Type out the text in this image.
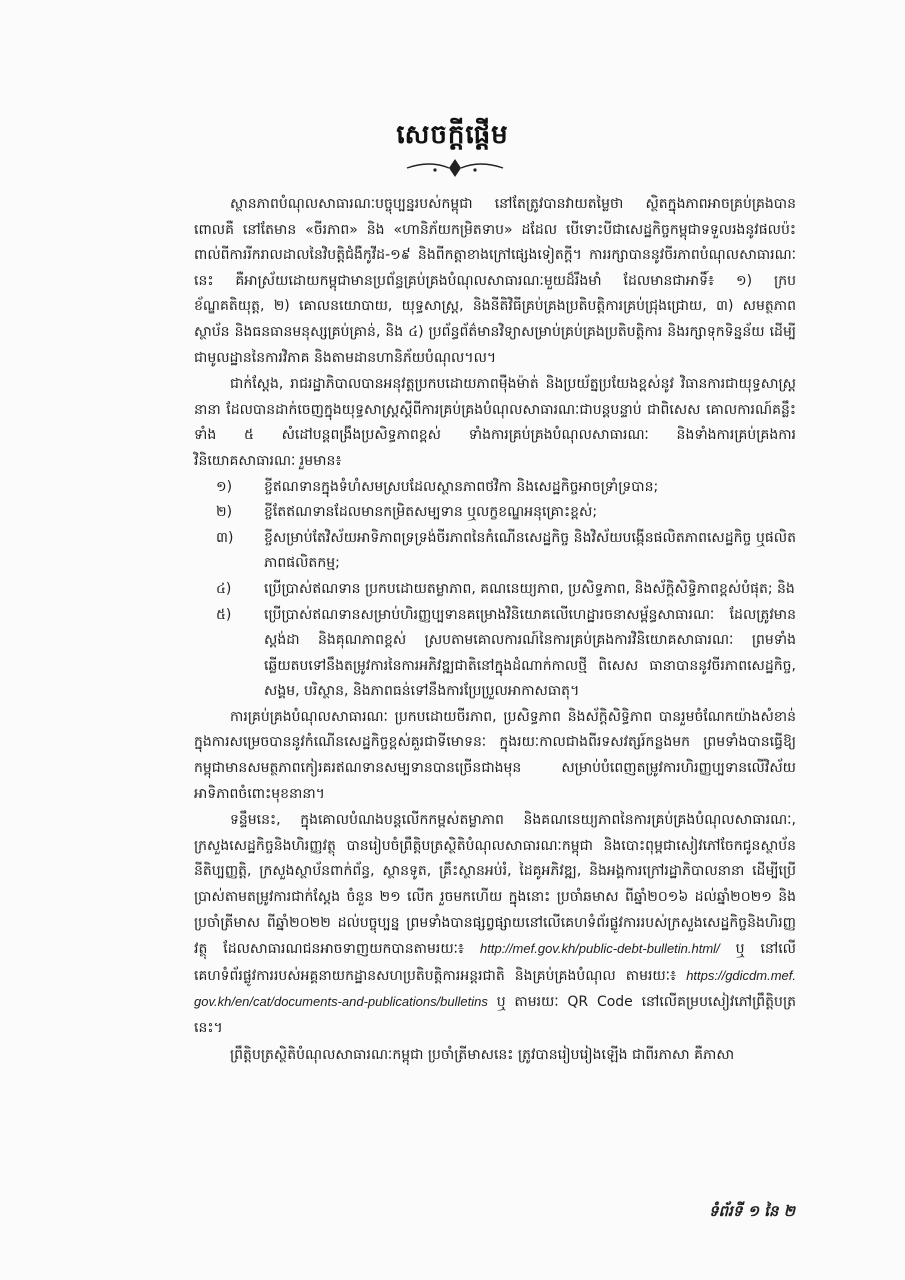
សេចក្ដីផ្ដើម

ស្ថានភាពបំណុលសាធារណៈបច្ចុប្បន្នរបស់កម្ពុជា នៅតែត្រូវបានវាយតម្លៃថា ស្ថិតក្នុងភាពអាចគ្រប់គ្រងបាន ពោលគឺ នៅតែមាន «ចីរភាព» និង «ហានិភ័យកម្រិតទាប» ដដែល បើទោះបីជាសេដ្ឋកិច្ចកម្ពុជាទទួលរងនូវផលប៉ះពាល់ពីការរីករាលដាលនៃវិបត្តិជំងឺកូវីដ-១៩ និងពីកត្តាខាងក្រៅផ្សេងទៀតក្តី។ ការរក្សាបាននូវចីរភាពបំណុលសាធារណៈនេះ គឺអាស្រ័យដោយកម្ពុជាមានប្រព័ន្ធគ្រប់គ្រងបំណុលសាធារណៈមួយដ៏រឹងមាំ ដែលមានជាអាទិ៍៖ ១) ក្របខ័ណ្ឌគតិយុត្ត, ២) គោលនយោបាយ, យុទ្ធសាស្ត្រ, និងនីតិវិធីគ្រប់គ្រងប្រតិបត្តិការគ្រប់ជ្រុងជ្រោយ, ៣) សមត្ថភាពស្ថាប័ន និងធនធានមនុស្សគ្រប់គ្រាន់, និង ៤) ប្រព័ន្ធព័ត៌មានវិទ្យាសម្រាប់គ្រប់គ្រងប្រតិបត្តិការ និងរក្សាទុកទិន្នន័យ ដើម្បីជាមូលដ្ឋាននៃការវិភាគ និងតាមដានហានិភ័យបំណុល។ល។

ជាក់ស្តែង, រាជរដ្ឋាភិបាលបានអនុវត្តប្រកបដោយភាពម៉ឺងម៉ាត់ និងប្រយ័ត្នប្រយែងខ្ពស់នូវ វិធានការជាយុទ្ធសាស្ត្រនានា ដែលបានដាក់ចេញក្នុងយុទ្ធសាស្ត្រស្តីពីការគ្រប់គ្រងបំណុលសាធារណៈជាបន្តបន្ទាប់ ជាពិសេស គោលការណ៍គន្លឹះទាំង ៥ សំដៅបន្តពង្រឹងប្រសិទ្ធភាពខ្ពស់ ទាំងការគ្រប់គ្រងបំណុលសាធារណៈ និងទាំងការគ្រប់គ្រងការវិនិយោគសាធារណៈ រួមមាន៖

១)	ខ្ចីឥណទានក្នុងទំហំសមស្របដែលស្ថានភាពថវិកា និងសេដ្ឋកិច្ចអាចទ្រាំទ្របាន;
២)	ខ្ចីតែឥណទានដែលមានកម្រិតសម្បទាន ឬលក្ខខណ្ឌអនុគ្រោះខ្ពស់;
៣)	ខ្ចីសម្រាប់តែវិស័យអាទិភាពទ្រទ្រង់ចីរភាពនៃកំណើនសេដ្ឋកិច្ច និងវិស័យបង្កើនផលិតភាពសេដ្ឋកិច្ច ឬផលិតភាពផលិតកម្ម;
៤)	ប្រើប្រាស់ឥណទាន ប្រកបដោយតម្លាភាព, គណនេយ្យភាព, ប្រសិទ្ធភាព, និងស័ក្តិសិទ្ធិភាពខ្ពស់បំផុត; និង
៥)	ប្រើប្រាស់ឥណទានសម្រាប់ហិរញ្ញប្បទានគម្រោងវិនិយោគលើហេដ្ឋារចនាសម្ព័ន្ធសាធារណៈ ដែលត្រូវមានស្តង់ដា និងគុណភាពខ្ពស់ ស្របតាមគោលការណ៍នៃការគ្រប់គ្រងការវិនិយោគសាធារណៈ ព្រមទាំងឆ្លើយតបទៅនឹងតម្រូវការនៃការអភិវឌ្ឍជាតិនៅក្នុងដំណាក់កាលថ្មី ពិសេស ធានាបាននូវចីរភាពសេដ្ឋកិច្ច, សង្គម, បរិស្ថាន, និងភាពធន់ទៅនឹងការប្រែប្រួលអាកាសធាតុ។

ការគ្រប់គ្រងបំណុលសាធារណៈ ប្រកបដោយចីរភាព, ប្រសិទ្ធភាព និងស័ក្តិសិទ្ធិភាព បានរួមចំណែកយ៉ាងសំខាន់ក្នុងការសម្រេចបាននូវកំណើនសេដ្ឋកិច្ចខ្ពស់គួរជាទីមោទនៈ ក្នុងរយៈកាលជាងពីរទសវត្សរ៍កន្លងមក ព្រមទាំងបានធ្វើឱ្យកម្ពុជាមានសមត្ថភាពកៀរគរឥណទានសម្បទានបានច្រើនជាងមុន សម្រាប់បំពេញតម្រូវការហិរញ្ញប្បទានលើវិស័យអាទិភាពចំពោះមុខនានា។

ទន្ទឹមនេះ, ក្នុងគោលបំណងបន្តលើកកម្ពស់តម្លាភាព និងគណនេយ្យភាពនៃការគ្រប់គ្រងបំណុលសាធារណៈ, ក្រសួងសេដ្ឋកិច្ចនិងហិរញ្ញវត្ថុ បានរៀបចំព្រឹត្តិបត្រស្ថិតិបំណុលសាធារណៈកម្ពុជា និងបោះពុម្ពជាសៀវភៅចែកជូនស្ថាប័ននីតិប្បញ្ញត្តិ, ក្រសួងស្ថាប័នពាក់ព័ន្ធ, ស្ថានទូត, គ្រឹះស្ថានអប់រំ, ដៃគូអភិវឌ្ឍ, និងអង្គការក្រៅរដ្ឋាភិបាលនានា ដើម្បីប្រើប្រាស់តាមតម្រូវការជាក់ស្តែង ចំនួន ២១ លើក រួចមកហើយ ក្នុងនោះ ប្រចាំឆមាស ពីឆ្នាំ២០១៦ ដល់ឆ្នាំ២០២១ និងប្រចាំត្រីមាស ពីឆ្នាំ២០២២ ដល់បច្ចុប្បន្ន ព្រមទាំងបានផ្សព្វផ្សាយនៅលើគេហទំព័រផ្លូវការរបស់ក្រសួងសេដ្ឋកិច្ចនិងហិរញ្ញវត្ថុ ដែលសាធារណជនអាចទាញយកបានតាមរយៈ៖ http://mef.gov.kh/public-debt-bulletin.html/ ឬ នៅលើគេហទំព័រផ្លូវការរបស់អគ្គនាយកដ្ឋានសហប្រតិបត្តិការអន្តរជាតិ និងគ្រប់គ្រងបំណុល តាមរយៈ៖ https://gdicdm.mef. gov.kh/en/cat/documents-and-publications/bulletins ឬ តាមរយៈ QR Code នៅលើគម្របសៀវភៅព្រឹត្តិបត្រនេះ។

ព្រឹត្តិបត្រស្ថិតិបំណុលសាធារណៈកម្ពុជា ប្រចាំត្រីមាសនេះ ត្រូវបានរៀបរៀងឡើង ជាពីរភាសា គឺភាសា

ទំព័រទី ១ នៃ ២
